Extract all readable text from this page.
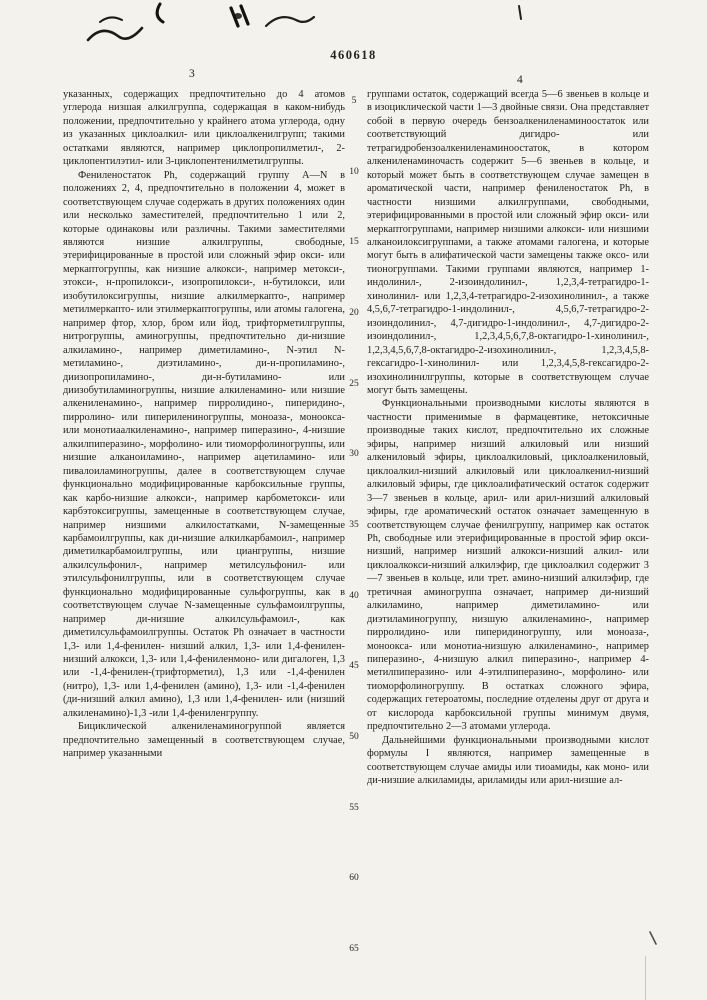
460618
3	4
5
10
15
20
25
30
35
40
45
50
55
60
65

указанных, содержащих предпочтительно до 4 атомов углерода низшая алкилгруппа, содержащая в каком-нибудь положении, предпочтительно у крайнего атома углерода, одну из указанных циклоалкил- или циклоалкенилгрупп; такими остатками являются, например циклопропилметил-, 2-циклопентилэтил- или 3-циклопентенилметилгруппы.

Фениленостаток Ph, содержащий группу А—N в положениях 2, 4, предпочтительно в положении 4, может в соответствующем случае содержать в других положениях один или несколько заместителей, предпочтительно 1 или 2, которые одинаковы или различны. Такими заместителями являются низшие алкилгруппы, свободные, этерифицированные в простой или сложный эфир окси- или меркаптогруппы, как низшие алкокси-, например метокси-, этокси-, н-пропилокси-, изопропилокси-, н-бутилокси, или изобутилоксигруппы, низшие алкилмеркапто-, например метилмеркапто- или этилмеркаптогруппы, или атомы галогена, например фтор, хлор, бром или йод, трифторметилгруппы, нитрогруппы, аминогруппы, предпочтительно ди-низшие алкиламино-, например диметиламино-, N-этил N-метиламино-, диэтиламино-, ди-н-пропиламино-, диизопропиламино-, ди-н-бутиламино- или диизобутиламиногруппы, низшие алкиленамино- или низшие алкениленамино-, например пирролидино-, пиперидино-, пирролино- или пиперилениногруппы, моноаза-, моноокса- или монотиаалкиленамино-, например пиперазино-, 4-низшие алкилпиперазино-, морфолино- или тиоморфолиногруппы, или низшие алканоиламино-, например ацетиламино- или пивалоиламиногруппы, далее в соответствующем случае функционально модифицированные карбоксильные группы, как карбо-низшие алкокси-, например карбометокси- или карбэтоксигруппы, замещенные в соответствующем случае, например низшими алкилостатками, N-замещенные карбамоилгруппы, как ди-низшие алкилкарбамоил-, например диметилкарбамоилгруппы, или циангруппы, низшие алкилсульфонил-, например метилсульфонил- или этилсульфонилгруппы, или в соответствующем случае функционально модифицированные сульфогруппы, как в соответствующем случае N-замещенные сульфамоилгруппы, например ди-низшие алкилсульфамоил-, как диметилсульфамоилгруппы. Остаток Ph означает в частности 1,3- или 1,4-фенилен- низший алкил, 1,3- или 1,4-фенилен- низший алкокси, 1,3- или 1,4-фениленмоно- или дигалоген, 1,3 или -1,4-фенилен-(трифторметил), 1,3 или -1,4-фенилен (нитро), 1,3- или 1,4-фенилен (амино), 1,3- или -1,4-фенилен (ди-низший алкил амино), 1,3 или 1,4-фенилен- или (низший алкиленамино)-1,3 -или 1,4-фениленгруппу.

Бициклической алкениленаминогруппой является предпочтительно замещенный в соответствующем случае, например указанными

группами остаток, содержащий всегда 5—6 звеньев в кольце и в изоциклической части 1—3 двойные связи. Она представляет собой в первую очередь бензоалкениленаминоостаток или соответствующий дигидро- или тетрагидробензоалкениленаминоостаток, в котором алкениленаминочасть содержит 5—6 звеньев в кольце, и который может быть в соответствующем случае замещен в ароматической части, например фениленостаток Ph, в частности низшими алкилгруппами, свободными, этерифицированными в простой или сложный эфир окси- или меркаптогруппами, например низшими алкокси- или низшими алканоилоксигруппами, а также атомами галогена, и которые могут быть в алифатической части замещены также оксо- или тионогруппами. Такими группами являются, например 1-индолинил-, 2-изоиндолинил-, 1,2,3,4-тетрагидро-1-хинолинил- или 1,2,3,4-тетрагидро-2-изохинолинил-, а также 4,5,6,7-тетрагидро-1-индолинил-, 4,5,6,7-тетрагидро-2-изоиндолинил-, 4,7-дигидро-1-индолинил-, 4,7-дигидро-2-изоиндолинил-, 1,2,3,4,5,6,7,8-октагидро-1-хинолинил-, 1,2,3,4,5,6,7,8-октагидро-2-изохинолинил-, 1,2,3,4,5,8-гексагидро-1-хинолинил- или 1,2,3,4,5,8-гексагидро-2-изохинолинилгруппы, которые в соответствующем случае могут быть замещены.

Функциональными производными кислоты являются в частности применимые в фармацевтике, нетоксичные производные таких кислот, предпочтительно их сложные эфиры, например низший алкиловый или низший алкениловый эфиры, циклоалкиловый, циклоалкениловый, циклоалкил-низший алкиловый или циклоалкенил-низший алкиловый эфиры, где циклоалифатический остаток содержит 3—7 звеньев в кольце, арил- или арил-низший алкиловый эфиры, где ароматический остаток означает замещенную в соответствующем случае фенилгруппу, например как остаток Ph, свободные или этерифицированные в простой эфир окси-низший, например низший алкокси-низший алкил- или циклоалкокси-низший алкилэфир, где циклоалкил содержит 3—7 звеньев в кольце, или трет. амино-низший алкилэфир, где третичная аминогруппа означает, например ди-низший алкиламино, например диметиламино- или диэтиламиногруппу, низшую алкиленамино-, например пирролидино- или пиперидиногруппу, или моноаза-, моноокса- или монотиа-низшую алкиленамино-, например пиперазино-, 4-низшую алкил пиперазино-, например 4-метилпиперазино- или 4-этилпиперазино-, морфолино- или тиоморфолиногруппу. В остатках сложного эфира, содержащих гетероатомы, последние отделены друг от друга и от кислорода карбоксильной группы минимум двумя, предпочтительно 2—3 атомами углерода.

Дальнейшими функциональными производными кислот формулы I являются, например замещенные в соответствующем случае амиды или тиоамиды, как моно- или ди-низшие алкиламиды, ариламиды или арил-низшие ал-
